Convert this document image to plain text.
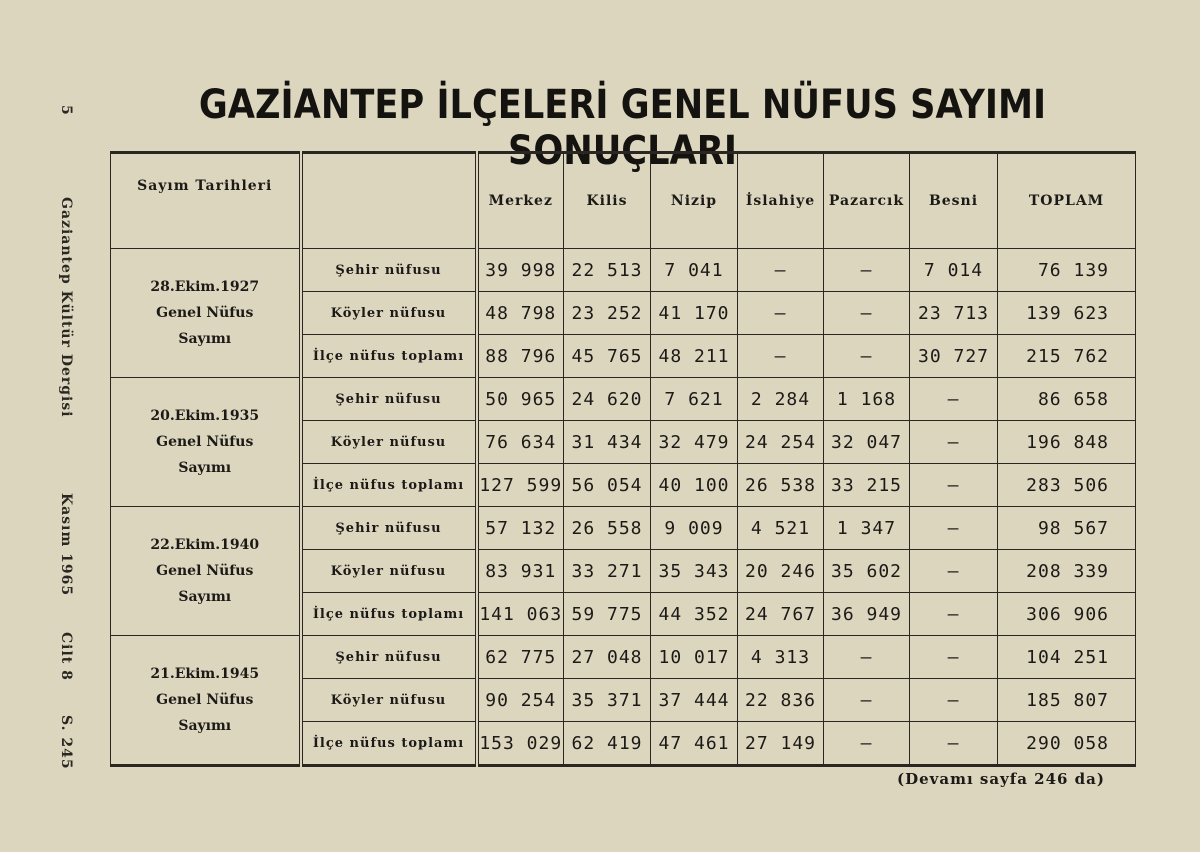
5 Gaziantep Kültür Dergisi Kasım 1965 Cilt 8 S. 245
GAZİANTEP İLÇELERİ GENEL NÜFUS SAYIMI SONUÇLARI
Sayım Tarihleri		Merkez	Kilis	Nizip	İslahiye	Pazarcık	Besni	TOPLAM

28.Ekim.1927
Genel Nüfus
Sayımı	Şehir nüfusu	39 998	22 513	7 041	—	—	7 014	76 139
	Köyler nüfusu	48 798	23 252	41 170	—	—	23 713	139 623
	İlçe nüfus toplamı	88 796	45 765	48 211	—	—	30 727	215 762

20.Ekim.1935
Genel Nüfus
Sayımı	Şehir nüfusu	50 965	24 620	7 621	2 284	1 168	—	86 658
	Köyler nüfusu	76 634	31 434	32 479	24 254	32 047	—	196 848
	İlçe nüfus toplamı	127 599	56 054	40 100	26 538	33 215	—	283 506

22.Ekim.1940
Genel Nüfus
Sayımı	Şehir nüfusu	57 132	26 558	9 009	4 521	1 347	—	98 567
	Köyler nüfusu	83 931	33 271	35 343	20 246	35 602	—	208 339
	İlçe nüfus toplamı	141 063	59 775	44 352	24 767	36 949	—	306 906

21.Ekim.1945
Genel Nüfus
Sayımı	Şehir nüfusu	62 775	27 048	10 017	4 313	—	—	104 251
	Köyler nüfusu	90 254	35 371	37 444	22 836	—	—	185 807
	İlçe nüfus toplamı	153 029	62 419	47 461	27 149	—	—	290 058
(Devamı sayfa 246 da)
